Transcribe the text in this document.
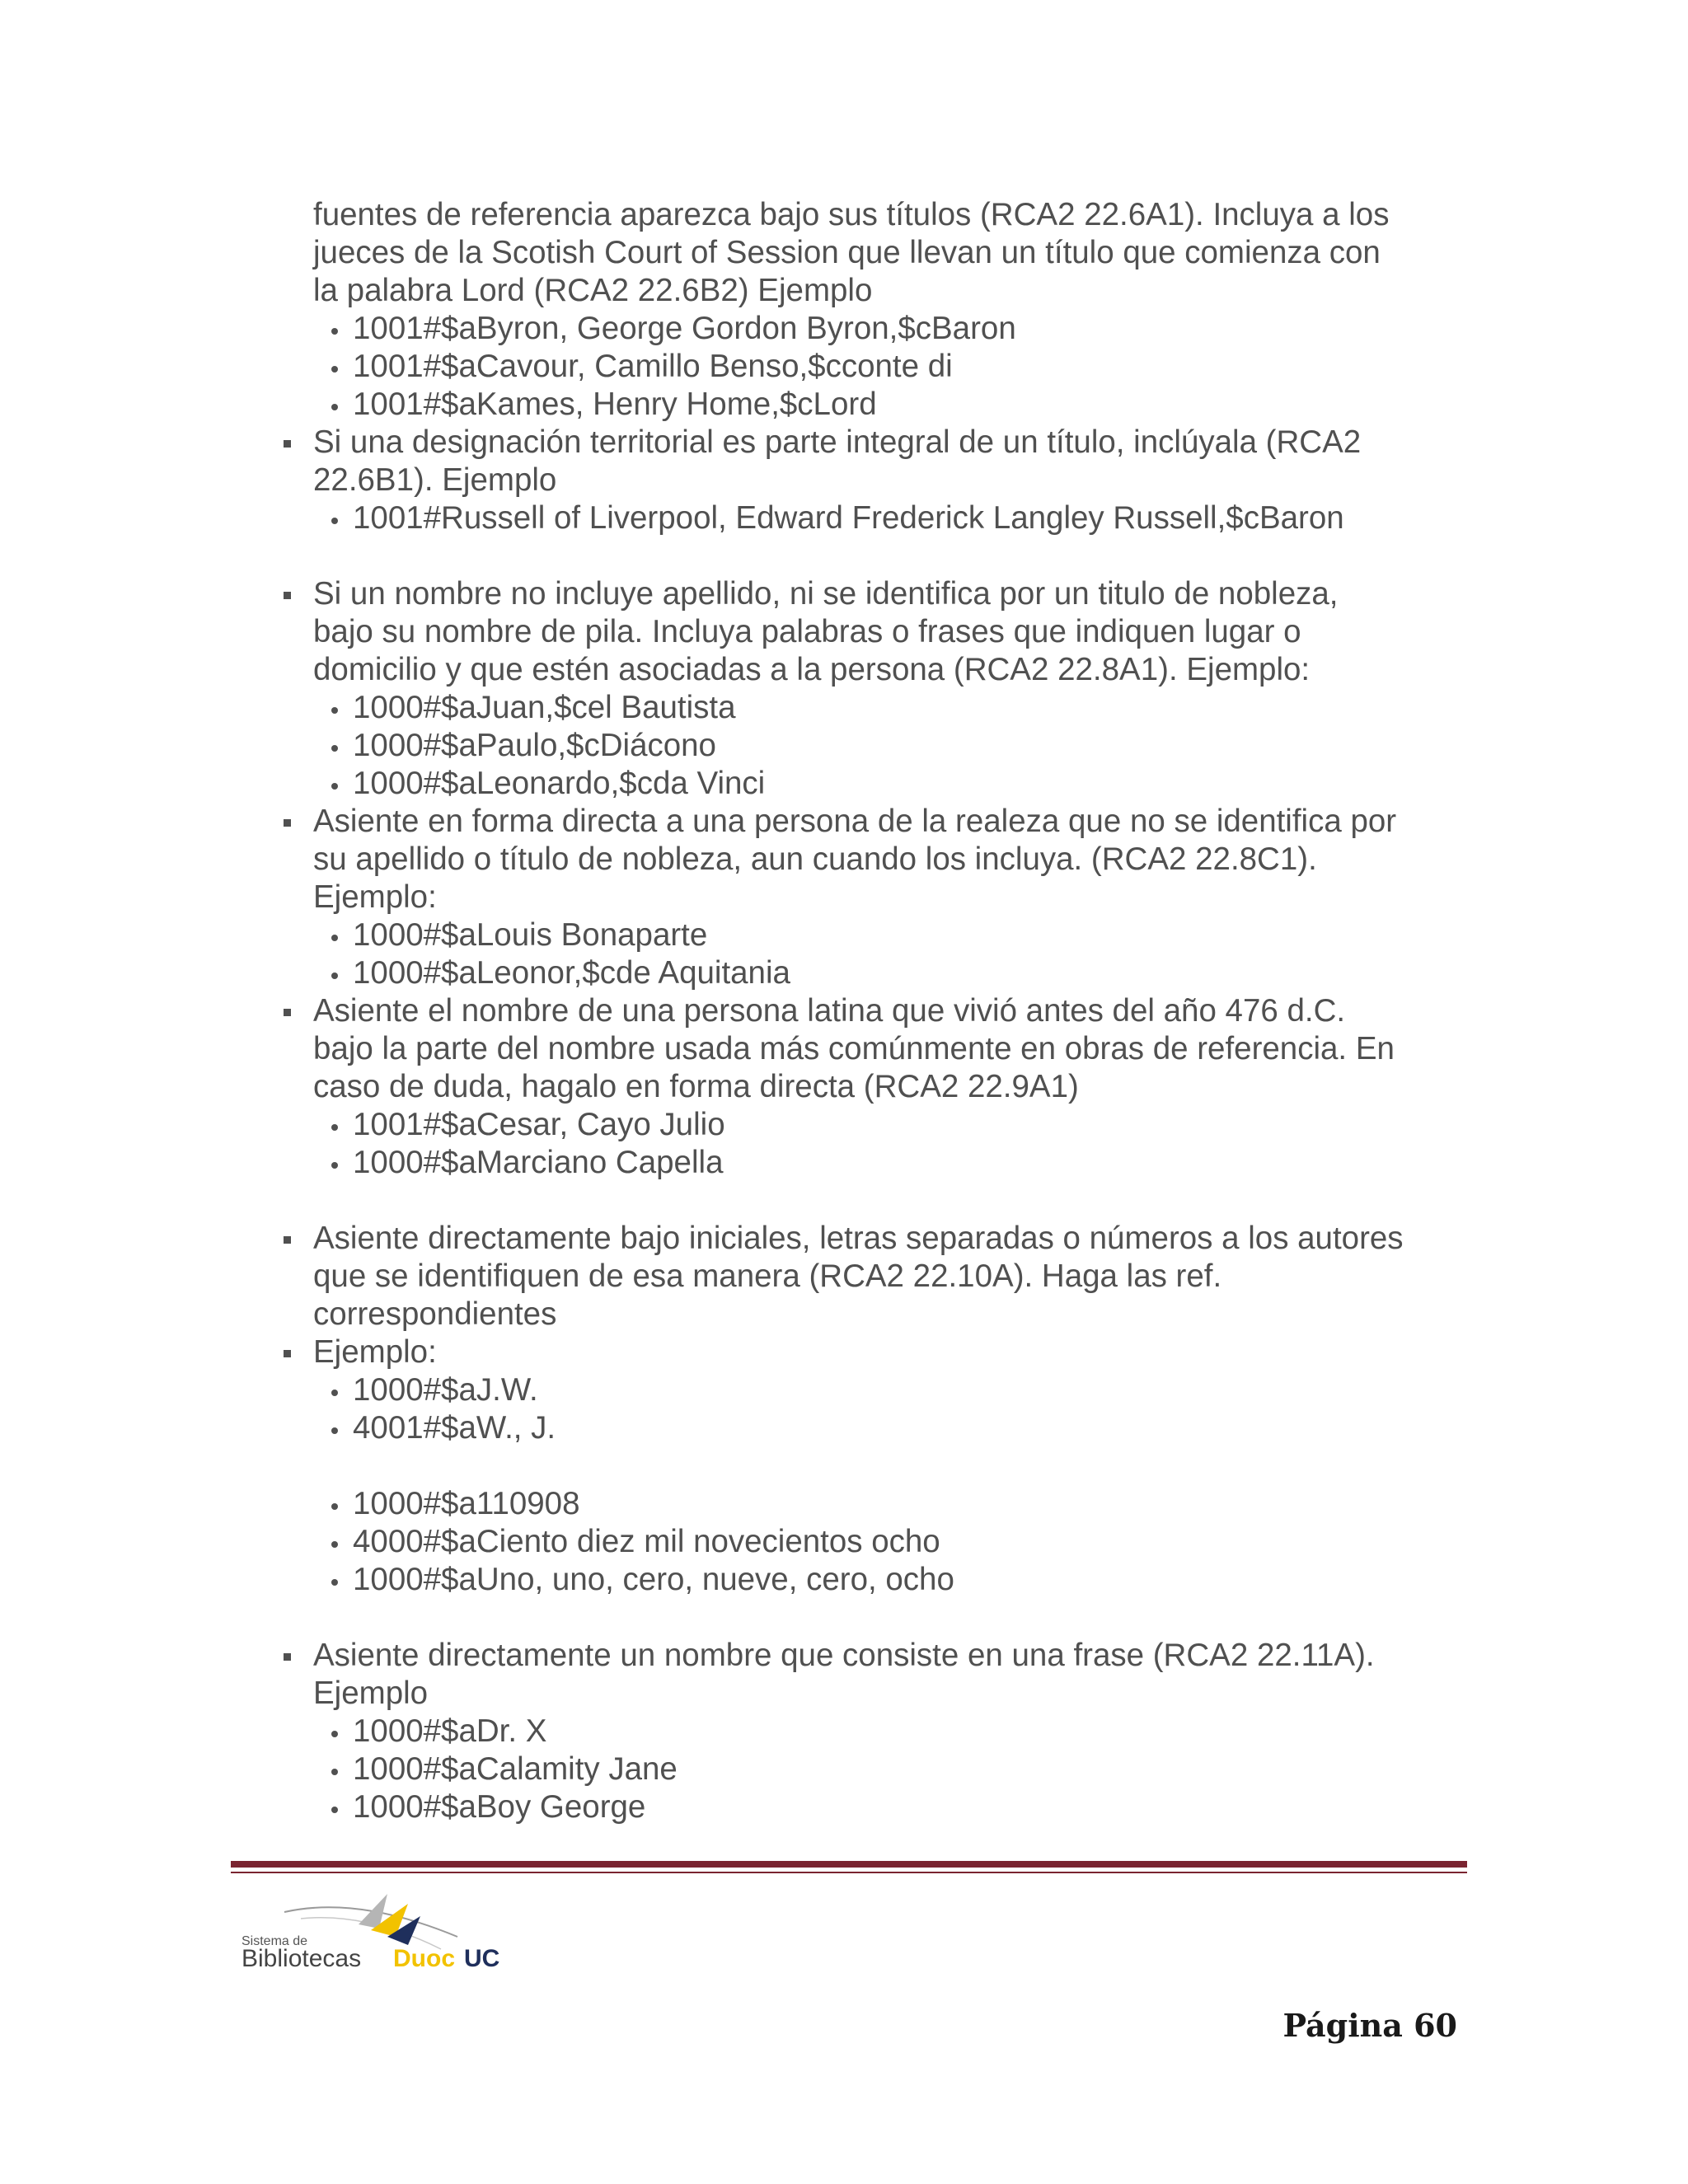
fuentes de referencia aparezca bajo sus títulos (RCA2 22.6A1). Incluya a los
jueces de la Scotish Court of Session que llevan un título que comienza con
la palabra Lord (RCA2 22.6B2) Ejemplo
1001#$aByron, George Gordon Byron,$cBaron
1001#$aCavour, Camillo Benso,$cconte di
1001#$aKames, Henry Home,$cLord
Si una designación territorial es parte integral de un título, inclúyala (RCA2
22.6B1). Ejemplo
1001#Russell of Liverpool, Edward Frederick Langley Russell,$cBaron
Si un nombre no incluye apellido, ni se identifica por un titulo de nobleza,
bajo su nombre de pila. Incluya palabras o frases que indiquen lugar o
domicilio y que estén asociadas a la persona (RCA2 22.8A1). Ejemplo:
1000#$aJuan,$cel Bautista
1000#$aPaulo,$cDiácono
1000#$aLeonardo,$cda Vinci
Asiente en forma directa a una persona de la realeza que no se identifica por
su apellido o título de nobleza, aun cuando los incluya. (RCA2 22.8C1).
Ejemplo:
1000#$aLouis Bonaparte
1000#$aLeonor,$cde Aquitania
Asiente el nombre de una persona latina que vivió antes del año 476 d.C.
bajo la parte del nombre usada más comúnmente en obras de referencia. En
caso de duda, hagalo en forma directa (RCA2 22.9A1)
1001#$aCesar, Cayo Julio
1000#$aMarciano Capella
Asiente directamente bajo iniciales, letras separadas o números a los autores
que se identifiquen de esa manera (RCA2 22.10A). Haga las ref.
correspondientes
Ejemplo:
1000#$aJ.W.
4001#$aW., J.

1000#$a110908
4000#$aCiento diez mil novecientos ocho
1000#$aUno, uno, cero, nueve, cero, ocho
Asiente directamente un nombre que consiste en una frase (RCA2 22.11A).
Ejemplo
1000#$aDr. X
1000#$aCalamity Jane
1000#$aBoy George
Sistema de
Bibliotecas Duoc UC
Página 60
